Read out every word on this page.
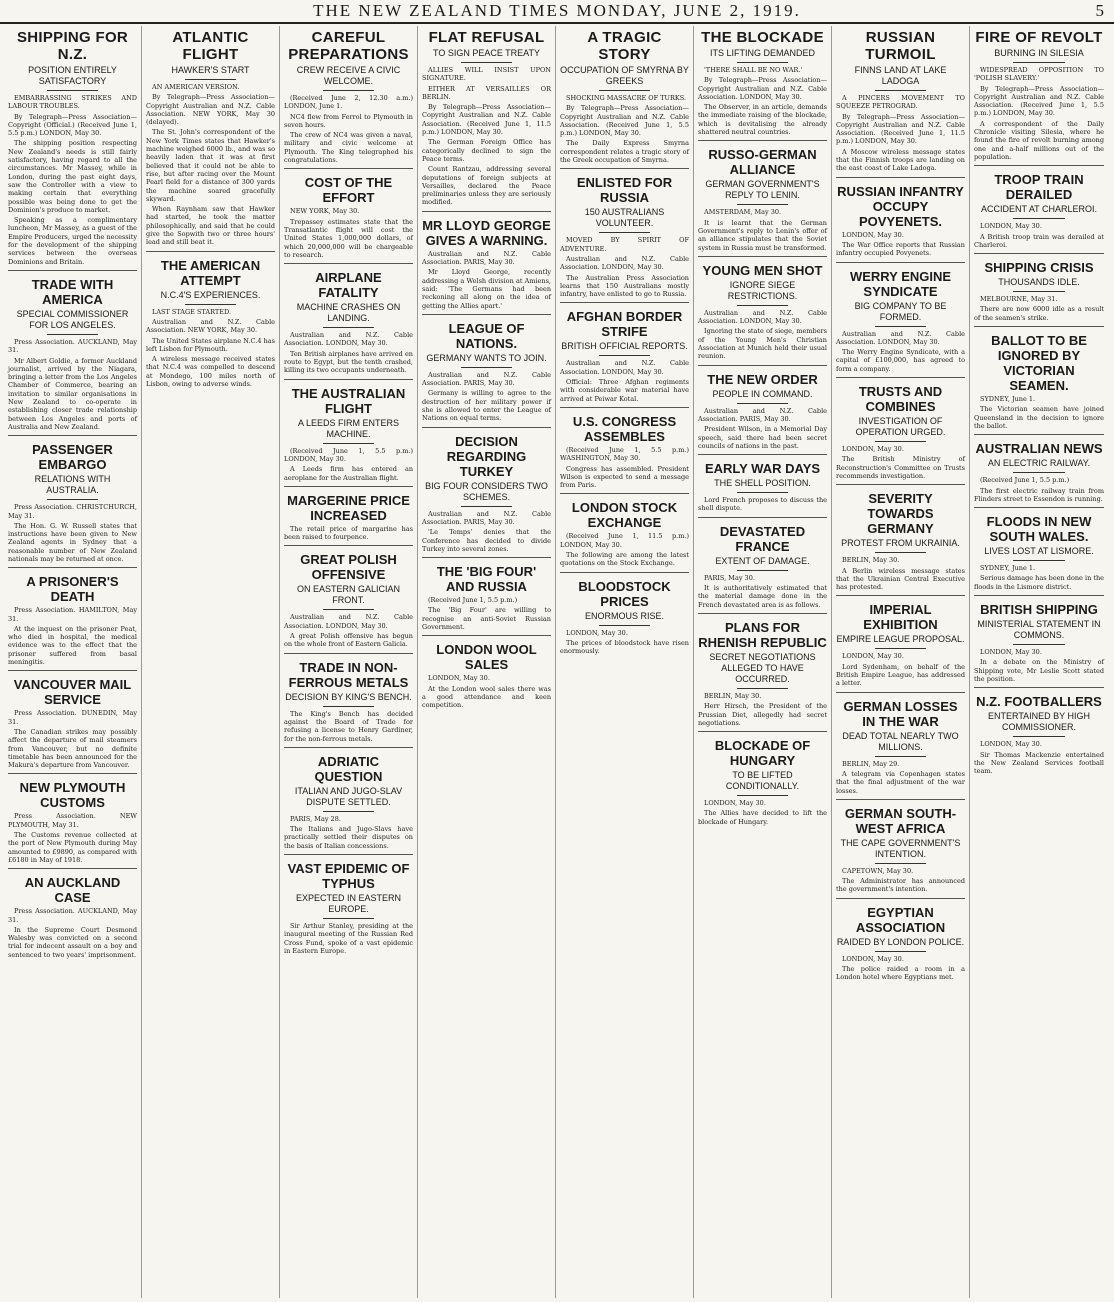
THE NEW ZEALAND TIMES MONDAY, JUNE 2, 1919.	5
SHIPPING FOR N.Z.
POSITION ENTIRELY SATISFACTORY

EMBARRASSING STRIKES AND LABOUR TROUBLES.

By Telegraph—Press Association—Copyright (Official.) (Received June 1, 5.5 p.m.) LONDON, May 30.

The shipping position respecting New Zealand's needs is still fairly satisfactory, having regard to all the circumstances. Mr Massey, while in London, during the past eight days, saw the Controller with a view to making certain that everything possible was being done to get the Dominion's produce to market.

Speaking as a complimentary luncheon, Mr Massey, as a guest of the Empire Producers, urged the necessity for the development of the shipping services between the overseas Dominions and Britain.

TRADE WITH AMERICA
SPECIAL COMMISSIONER FOR LOS ANGELES.

Press Association. AUCKLAND, May 31.

Mr Albert Goldie, a former Auckland journalist, arrived by the Niagara, bringing a letter from the Los Angeles Chamber of Commerce, bearing an invitation to similar organisations in New Zealand to co-operate in establishing closer trade relationship between Los Angeles and ports of Australia and New Zealand.

PASSENGER EMBARGO
RELATIONS WITH AUSTRALIA.

Press Association. CHRISTCHURCH, May 31.

The Hon. G. W. Russell states that instructions have been given to New Zealand agents in Sydney that a reasonable number of New Zealand nationals may be returned at once.

A PRISONER'S DEATH

Press Association. HAMILTON, May 31.

At the inquest on the prisoner Peat, who died in hospital, the medical evidence was to the effect that the prisoner suffered from basal meningitis.

VANCOUVER MAIL SERVICE

Press Association. DUNEDIN, May 31.

The Canadian strikes may possibly affect the departure of mail steamers from Vancouver, but no definite timetable has been announced for the Makura's departure from Vancouver.

NEW PLYMOUTH CUSTOMS

Press Association. NEW PLYMOUTH, May 31.

The Customs revenue collected at the port of New Plymouth during May amounted to £9890, as compared with £6180 in May of 1918.

AN AUCKLAND CASE

Press Association. AUCKLAND, May 31.

In the Supreme Court Desmond Walesby was convicted on a second trial for indecent assault on a boy and sentenced to two years' imprisonment.

ATLANTIC FLIGHT
HAWKER'S START

AN AMERICAN VERSION.

By Telegraph—Press Association—Copyright Australian and N.Z. Cable Association. NEW YORK, May 30 (delayed).

The St. John's correspondent of the New York Times states that Hawker's machine weighed 6000 lb., and was so heavily laden that it was at first believed that it could not be able to rise, but after racing over the Mount Pearl field for a distance of 300 yards the machine soared gracefully skyward.

When Raynham saw that Hawker had started, he took the matter philosophically, and said that he could give the Sopwith two or three hours' lead and still beat it.

THE AMERICAN ATTEMPT
N.C.4'S EXPERIENCES.

LAST STAGE STARTED.

Australian and N.Z. Cable Association. NEW YORK, May 30.

The United States airplane N.C.4 has left Lisbon for Plymouth.

A wireless message received states that N.C.4 was compelled to descend at Mondego, 100 miles north of Lisbon, owing to adverse winds.

CAREFUL PREPARATIONS
CREW RECEIVE A CIVIC WELCOME.

(Received June 2, 12.30 a.m.) LONDON, June 1.

NC4 flew from Ferrol to Plymouth in seven hours.

The crew of NC4 was given a naval, military and civic welcome at Plymouth. The King telegraphed his congratulations.

COST OF THE EFFORT

NEW YORK, May 30.

Trepassey estimates state that the Transatlantic flight will cost the United States 1,000,000 dollars, of which 20,000,000 will be chargeable to research.

AIRPLANE FATALITY
MACHINE CRASHES ON LANDING.

Australian and N.Z. Cable Association. LONDON, May 30.

Ten British airplanes have arrived en route to Egypt, but the tenth crashed, killing its two occupants underneath.

THE AUSTRALIAN FLIGHT
A LEEDS FIRM ENTERS MACHINE.

(Received June 1, 5.5 p.m.) LONDON, May 30.

A Leeds firm has entered an aeroplane for the Australian flight.

MARGERINE PRICE INCREASED

The retail price of margarine has been raised to fourpence.

GREAT POLISH OFFENSIVE
ON EASTERN GALICIAN FRONT.

Australian and N.Z. Cable Association. LONDON, May 30.

A great Polish offensive has begun on the whole front of Eastern Galicia.

TRADE IN NON-FERROUS METALS
DECISION BY KING'S BENCH.

The King's Bench has decided against the Board of Trade for refusing a license to Henry Gardiner, for the non-ferrous metals.

ADRIATIC QUESTION
ITALIAN AND JUGO-SLAV DISPUTE SETTLED.

PARIS, May 28.

The Italians and Jugo-Slavs have practically settled their disputes on the basis of Italian concessions.

VAST EPIDEMIC OF TYPHUS
EXPECTED IN EASTERN EUROPE.

Sir Arthur Stanley, presiding at the inaugural meeting of the Russian Red Cross Fund, spoke of a vast epidemic in Eastern Europe.

FLAT REFUSAL
TO SIGN PEACE TREATY

ALLIES WILL INSIST UPON SIGNATURE.

EITHER AT VERSAILLES OR BERLIN.

By Telegraph—Press Association—Copyright Australian and N.Z. Cable Association. (Received June 1, 11.5 p.m.) LONDON, May 30.

The German Foreign Office has categorically declined to sign the Peace terms.

Count Rantzau, addressing several deputations of foreign subjects at Versailles, declared the Peace preliminaries unless they are seriously modified.

MR LLOYD GEORGE GIVES A WARNING.

Australian and N.Z. Cable Association. PARIS, May 30.

Mr Lloyd George, recently addressing a Welsh division at Amiens, said: 'The Germans had been reckoning all along on the idea of getting the Allies apart.'

LEAGUE OF NATIONS.
GERMANY WANTS TO JOIN.

Australian and N.Z. Cable Association. PARIS, May 30.

Germany is willing to agree to the destruction of her military power if she is allowed to enter the League of Nations on equal terms.

DECISION REGARDING TURKEY
BIG FOUR CONSIDERS TWO SCHEMES.

Australian and N.Z. Cable Association. PARIS, May 30.

'Le Temps' denies that the Conference has decided to divide Turkey into several zones.

THE 'BIG FOUR' AND RUSSIA

(Received June 1, 5.5 p.m.)

The 'Big Four' are willing to recognise an anti-Soviet Russian Government.

LONDON WOOL SALES

LONDON, May 30.

At the London wool sales there was a good attendance and keen competition.

A TRAGIC STORY
OCCUPATION OF SMYRNA BY GREEKS

SHOCKING MASSACRE OF TURKS.

By Telegraph—Press Association—Copyright Australian and N.Z. Cable Association. (Received June 1, 5.5 p.m.) LONDON, May 30.

The Daily Express Smyrna correspondent relates a tragic story of the Greek occupation of Smyrna.

ENLISTED FOR RUSSIA
150 AUSTRALIANS VOLUNTEER.

MOVED BY SPIRIT OF ADVENTURE.

Australian and N.Z. Cable Association. LONDON, May 30.

The Australian Press Association learns that 150 Australians mostly infantry, have enlisted to go to Russia.

AFGHAN BORDER STRIFE
BRITISH OFFICIAL REPORTS.

Australian and N.Z. Cable Association. LONDON, May 30.

Official: Three Afghan regiments with considerable war material have arrived at Peiwar Kotal.

U.S. CONGRESS ASSEMBLES

(Received June 1, 5.5 p.m.) WASHINGTON, May 30.

Congress has assembled. President Wilson is expected to send a message from Paris.

LONDON STOCK EXCHANGE

(Received June 1, 11.5 p.m.) LONDON, May 30.

The following are among the latest quotations on the Stock Exchange.

BLOODSTOCK PRICES
ENORMOUS RISE.

LONDON, May 30.

The prices of bloodstock have risen enormously.

THE BLOCKADE
ITS LIFTING DEMANDED

'THERE SHALL BE NO WAR.'

By Telegraph—Press Association—Copyright Australian and N.Z. Cable Association. LONDON, May 30.

The Observer, in an article, demands the immediate raising of the blockade, which is devitalising the already shattered neutral countries.

RUSSO-GERMAN ALLIANCE
GERMAN GOVERNMENT'S REPLY TO LENIN.

AMSTERDAM, May 30.

It is learnt that the German Government's reply to Lenin's offer of an alliance stipulates that the Soviet system in Russia must be transformed.

YOUNG MEN SHOT
IGNORE SIEGE RESTRICTIONS.

Australian and N.Z. Cable Association. LONDON, May 30.

Ignoring the state of siege, members of the Young Men's Christian Association at Munich held their usual reunion.

THE NEW ORDER
PEOPLE IN COMMAND.

Australian and N.Z. Cable Association. PARIS, May 30.

President Wilson, in a Memorial Day speech, said there had been secret councils of nations in the past.

EARLY WAR DAYS
THE SHELL POSITION.

Lord French proposes to discuss the shell dispute.

DEVASTATED FRANCE
EXTENT OF DAMAGE.

PARIS, May 30.

It is authoritatively estimated that the material damage done in the French devastated area is as follows.

PLANS FOR RHENISH REPUBLIC
SECRET NEGOTIATIONS ALLEGED TO HAVE OCCURRED.

BERLIN, May 30.

Herr Hirsch, the President of the Prussian Diet, allegedly had secret negotiations.

BLOCKADE OF HUNGARY
TO BE LIFTED CONDITIONALLY.

LONDON, May 30.

The Allies have decided to lift the blockade of Hungary.

RUSSIAN TURMOIL
FINNS LAND AT LAKE LADOGA

A PINCERS MOVEMENT TO SQUEEZE PETROGRAD.

By Telegraph—Press Association—Copyright Australian and N.Z. Cable Association. (Received June 1, 11.5 p.m.) LONDON, May 30.

A Moscow wireless message states that the Finnish troops are landing on the east coast of Lake Ladoga.

RUSSIAN INFANTRY OCCUPY POVYENETS.

LONDON, May 30.

The War Office reports that Russian infantry occupied Povyenets.

WERRY ENGINE SYNDICATE
BIG COMPANY TO BE FORMED.

Australian and N.Z. Cable Association. LONDON, May 30.

The Werry Engine Syndicate, with a capital of £100,000, has agreed to form a company.

TRUSTS AND COMBINES
INVESTIGATION OF OPERATION URGED.

LONDON, May 30.

The British Ministry of Reconstruction's Committee on Trusts recommends investigation.

SEVERITY TOWARDS GERMANY
PROTEST FROM UKRAINIA.

BERLIN, May 30.

A Berlin wireless message states that the Ukrainian Central Executive has protested.

IMPERIAL EXHIBITION
EMPIRE LEAGUE PROPOSAL.

LONDON, May 30.

Lord Sydenham, on behalf of the British Empire League, has addressed a letter.

GERMAN LOSSES IN THE WAR
DEAD TOTAL NEARLY TWO MILLIONS.

BERLIN, May 29.

A telegram via Copenhagen states that the final adjustment of the war losses.

GERMAN SOUTH-WEST AFRICA
THE CAPE GOVERNMENT'S INTENTION.

CAPETOWN, May 30.

The Administrator has announced the government's intention.

EGYPTIAN ASSOCIATION
RAIDED BY LONDON POLICE.

LONDON, May 30.

The police raided a room in a London hotel where Egyptians met.

FIRE OF REVOLT
BURNING IN SILESIA

WIDESPREAD OPPOSITION TO 'POLISH SLAVERY.'

By Telegraph—Press Association—Copyright Australian and N.Z. Cable Association. (Received June 1, 5.5 p.m.) LONDON, May 30.

A correspondent of the Daily Chronicle visiting Silesia, where he found the fire of revolt burning among one and a-half millions out of the population.

TROOP TRAIN DERAILED
ACCIDENT AT CHARLEROI.

LONDON, May 30.

A British troop train was derailed at Charleroi.

SHIPPING CRISIS
THOUSANDS IDLE.

MELBOURNE, May 31.

There are now 6000 idle as a result of the seamen's strike.

BALLOT TO BE IGNORED BY VICTORIAN SEAMEN.

SYDNEY, June 1.

The Victorian seamen have joined Queensland in the decision to ignore the ballot.

AUSTRALIAN NEWS
AN ELECTRIC RAILWAY.

(Received June 1, 5.5 p.m.)

The first electric railway train from Flinders street to Essendon is running.

FLOODS IN NEW SOUTH WALES.
LIVES LOST AT LISMORE.

SYDNEY, June 1.

Serious damage has been done in the floods in the Lismore district.

BRITISH SHIPPING
MINISTERIAL STATEMENT IN COMMONS.

LONDON, May 30.

In a debate on the Ministry of Shipping vote, Mr Leslie Scott stated the position.

N.Z. FOOTBALLERS
ENTERTAINED BY HIGH COMMISSIONER.

LONDON, May 30.

Sir Thomas Mackenzie entertained the New Zealand Services football team.
